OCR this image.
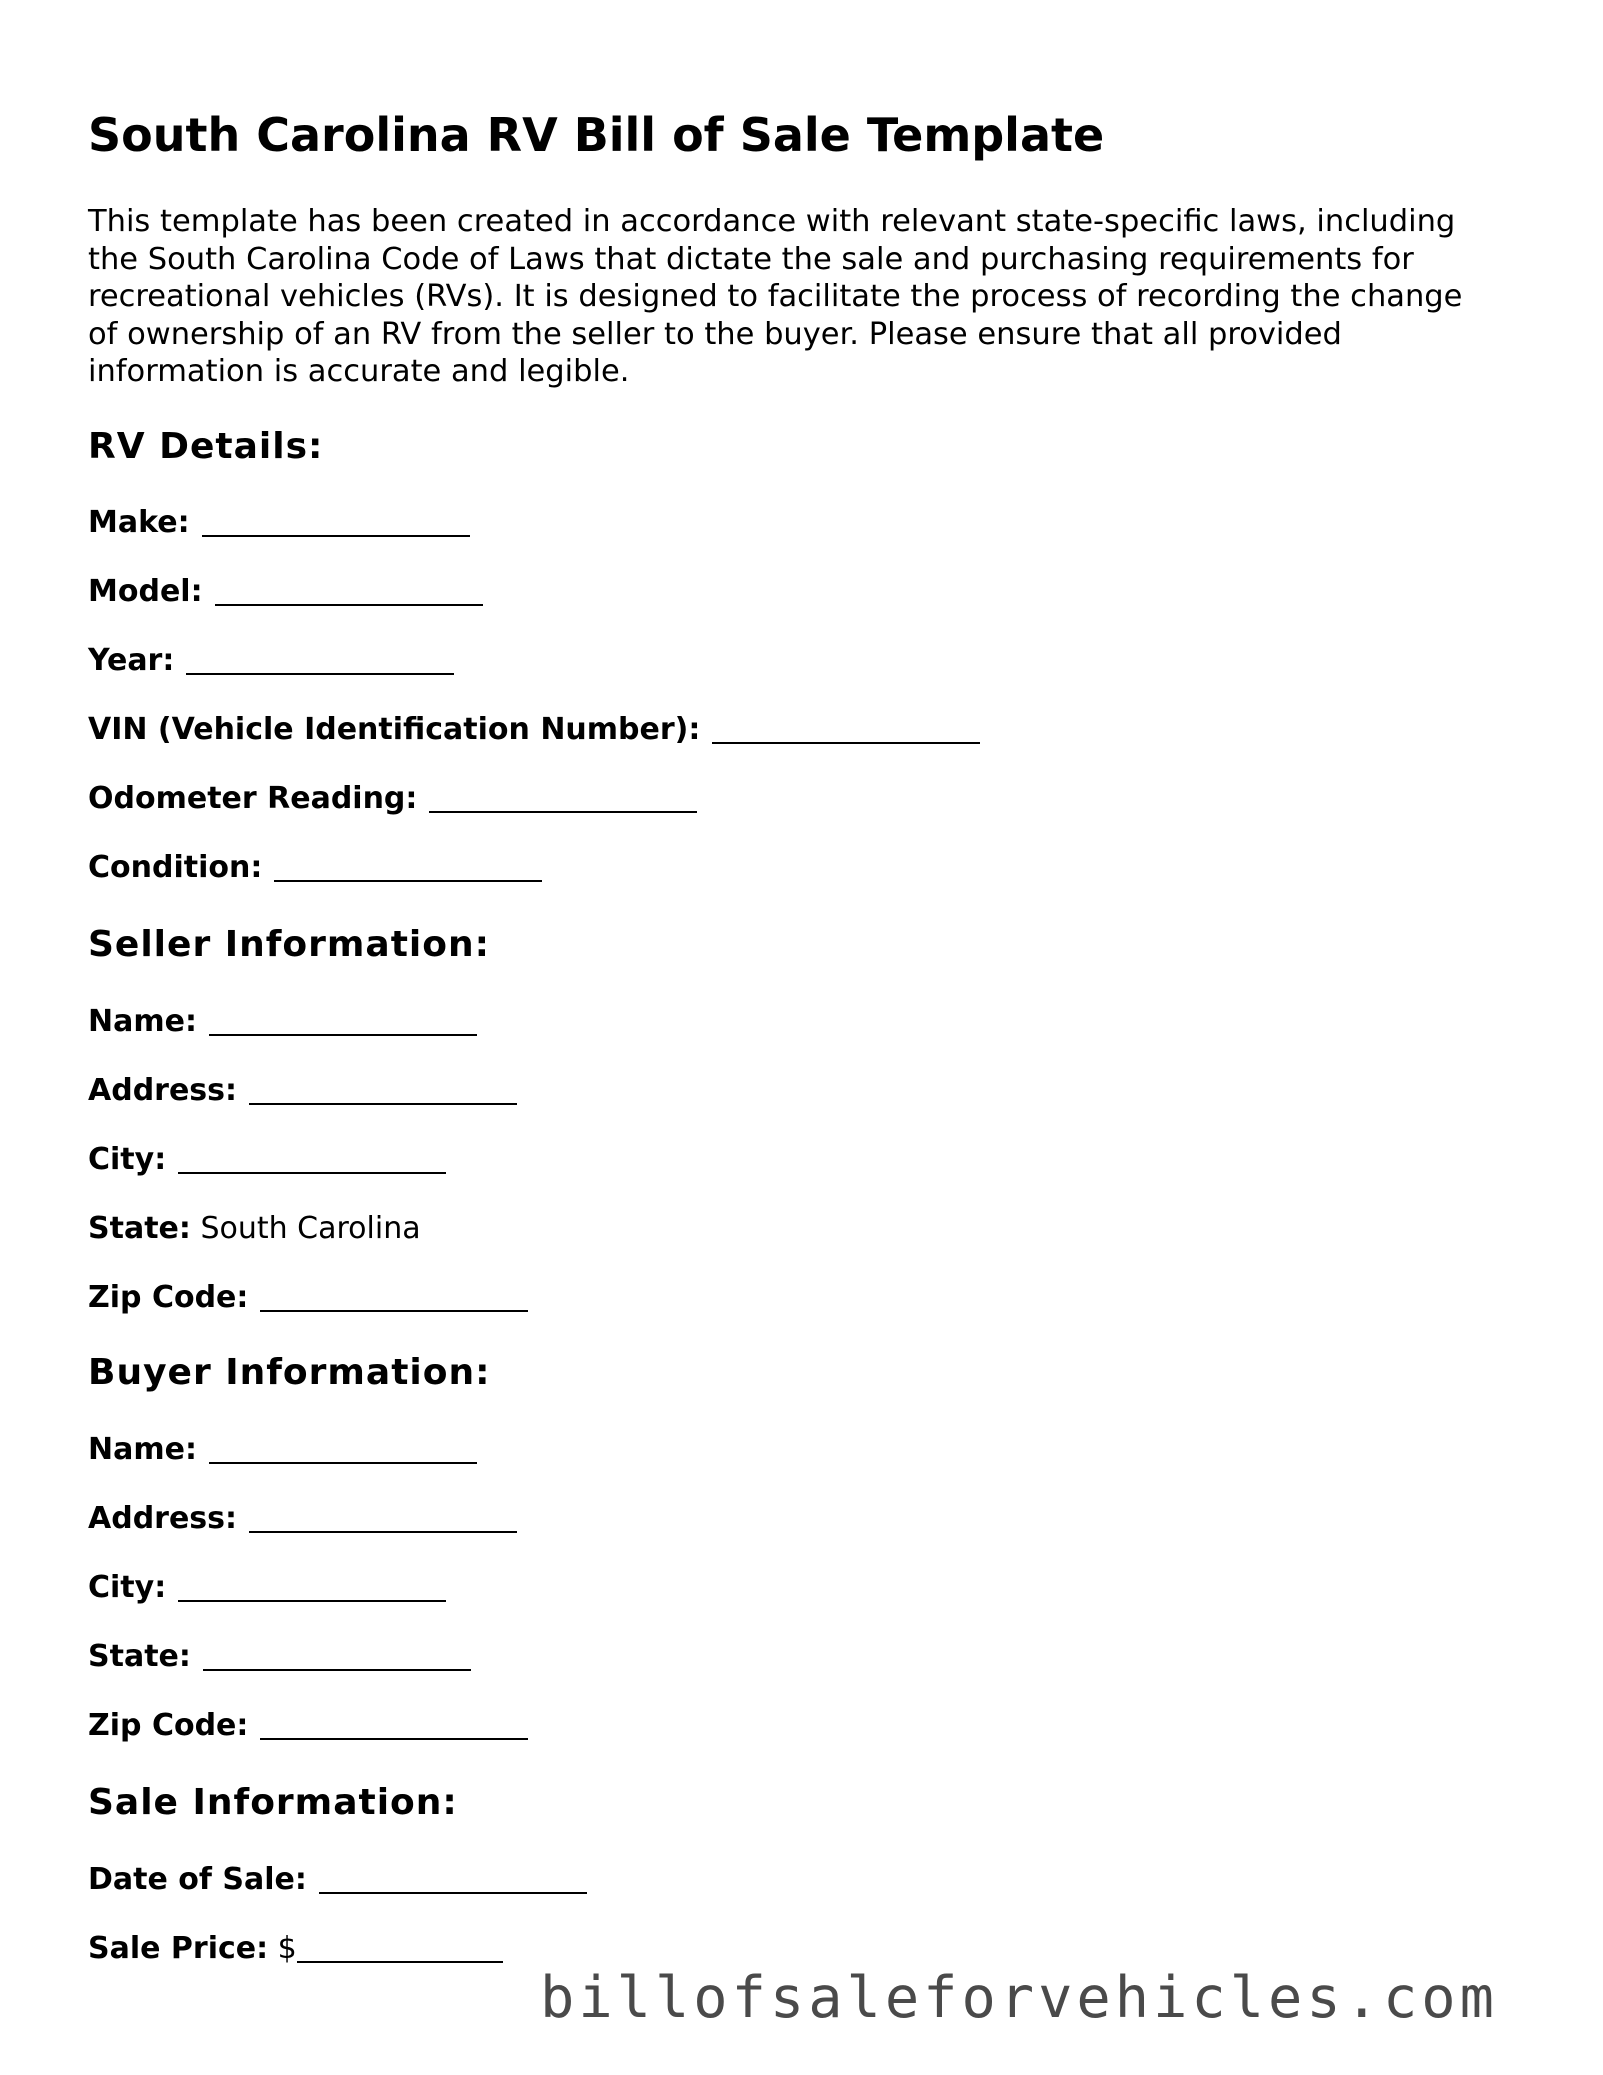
South Carolina RV Bill of Sale Template

This template has been created in accordance with relevant state-specific laws, including
the South Carolina Code of Laws that dictate the sale and purchasing requirements for
recreational vehicles (RVs). It is designed to facilitate the process of recording the change
of ownership of an RV from the seller to the buyer. Please ensure that all provided
information is accurate and legible.

RV Details:
Make:
Model:
Year:
VIN (Vehicle Identification Number):
Odometer Reading:
Condition:
Seller Information:
Name:
Address:
City:
State: South Carolina
Zip Code:
Buyer Information:
Name:
Address:
City:
State:
Zip Code:
Sale Information:
Date of Sale:
Sale Price: $
billofsaleforvehicles.com
